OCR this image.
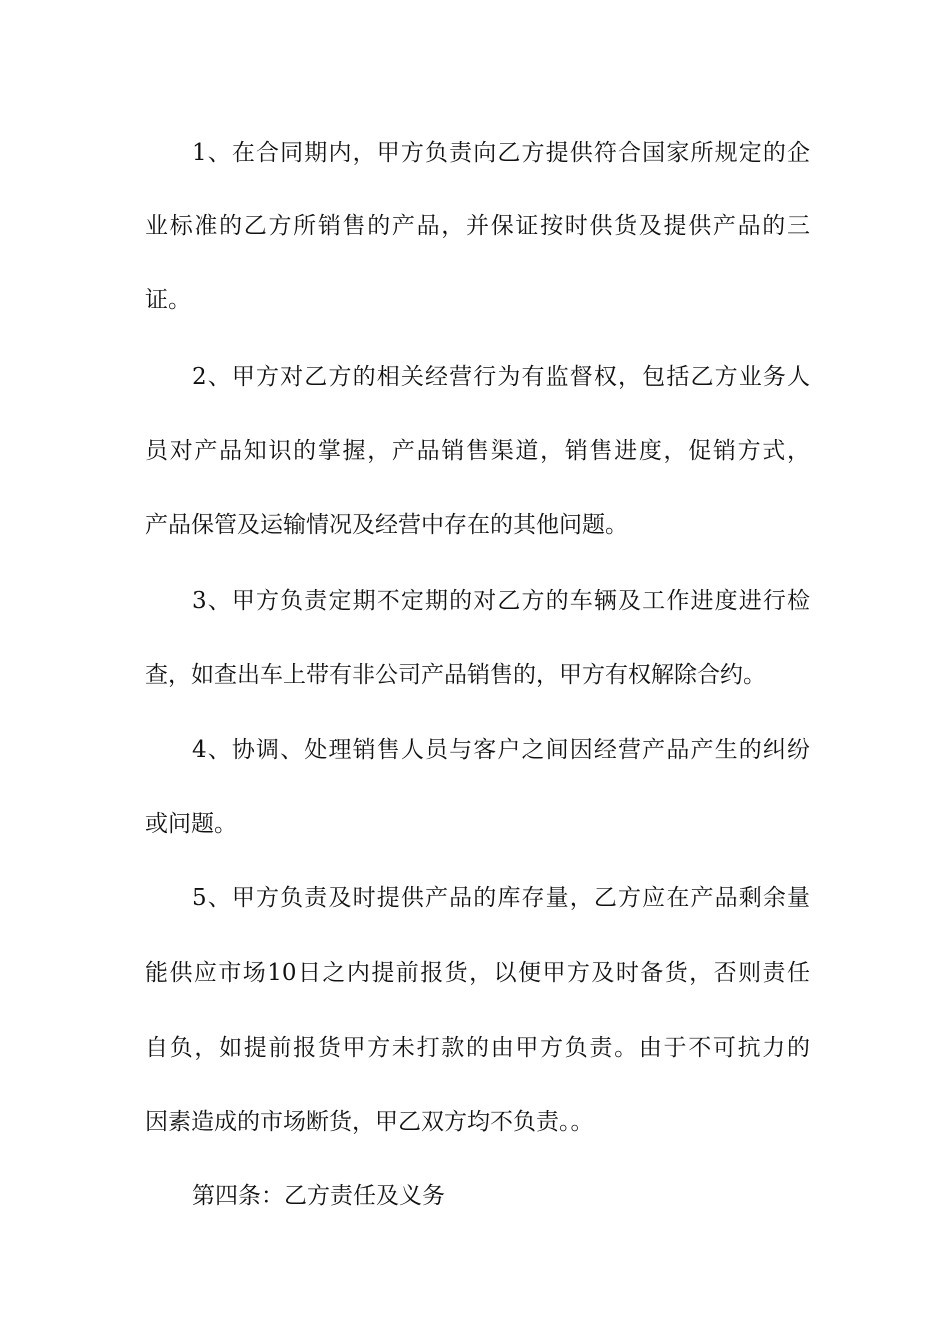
1、在合同期内，甲方负责向乙方提供符合国家所规定的企
业标准的乙方所销售的产品，并保证按时供货及提供产品的三
证。
2、甲方对乙方的相关经营行为有监督权，包括乙方业务人
员对产品知识的掌握，产品销售渠道，销售进度，促销方式，
产品保管及运输情况及经营中存在的其他问题。
3、甲方负责定期不定期的对乙方的车辆及工作进度进行检
查，如查出车上带有非公司产品销售的，甲方有权解除合约。
4、协调、处理销售人员与客户之间因经营产品产生的纠纷
或问题。
5、甲方负责及时提供产品的库存量，乙方应在产品剩余量
能供应市场10日之内提前报货，以便甲方及时备货，否则责任
自负，如提前报货甲方未打款的由甲方负责。由于不可抗力的
因素造成的市场断货，甲乙双方均不负责。。
第四条：乙方责任及义务
